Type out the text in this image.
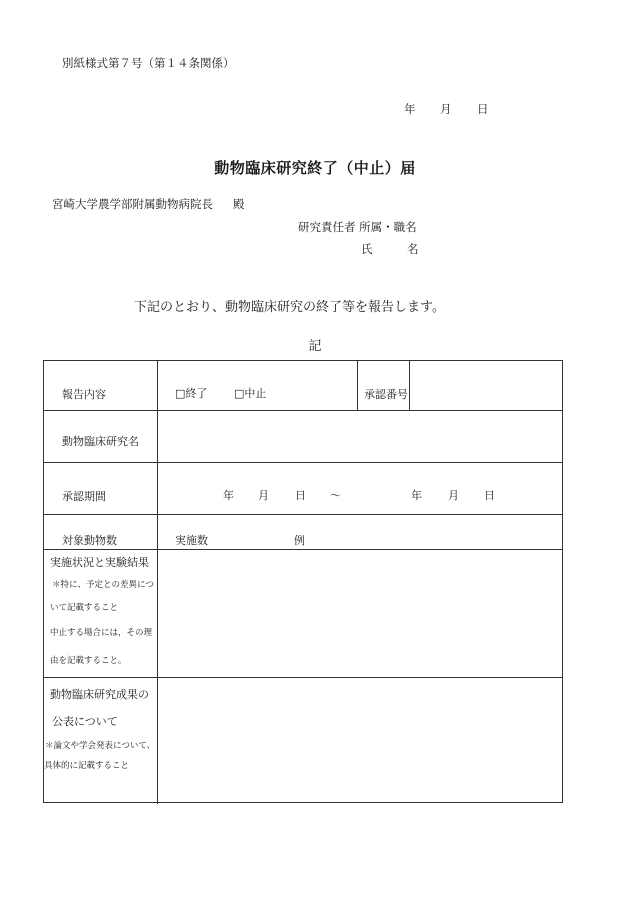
別紙様式第７号（第１４条関係）
年 月 日
動物臨床研究終了（中止）届
宮崎大学農学部附属動物病院長 殿
研究責任者 所属・職名
氏	名
下記のとおり、動物臨床研究の終了等を報告します。
記
報告内容	□終了 □中止	承認番号
動物臨床研究名
承認期間	年 月 日 〜	年 月 日
対象動物数	実施数	例
実施状況と実験結果
＊特に、予定との差異につ
いて記載すること
中止する場合には，その理
由を記載すること。
動物臨床研究成果の
公表について
＊論文や学会発表について、
具体的に記載すること
